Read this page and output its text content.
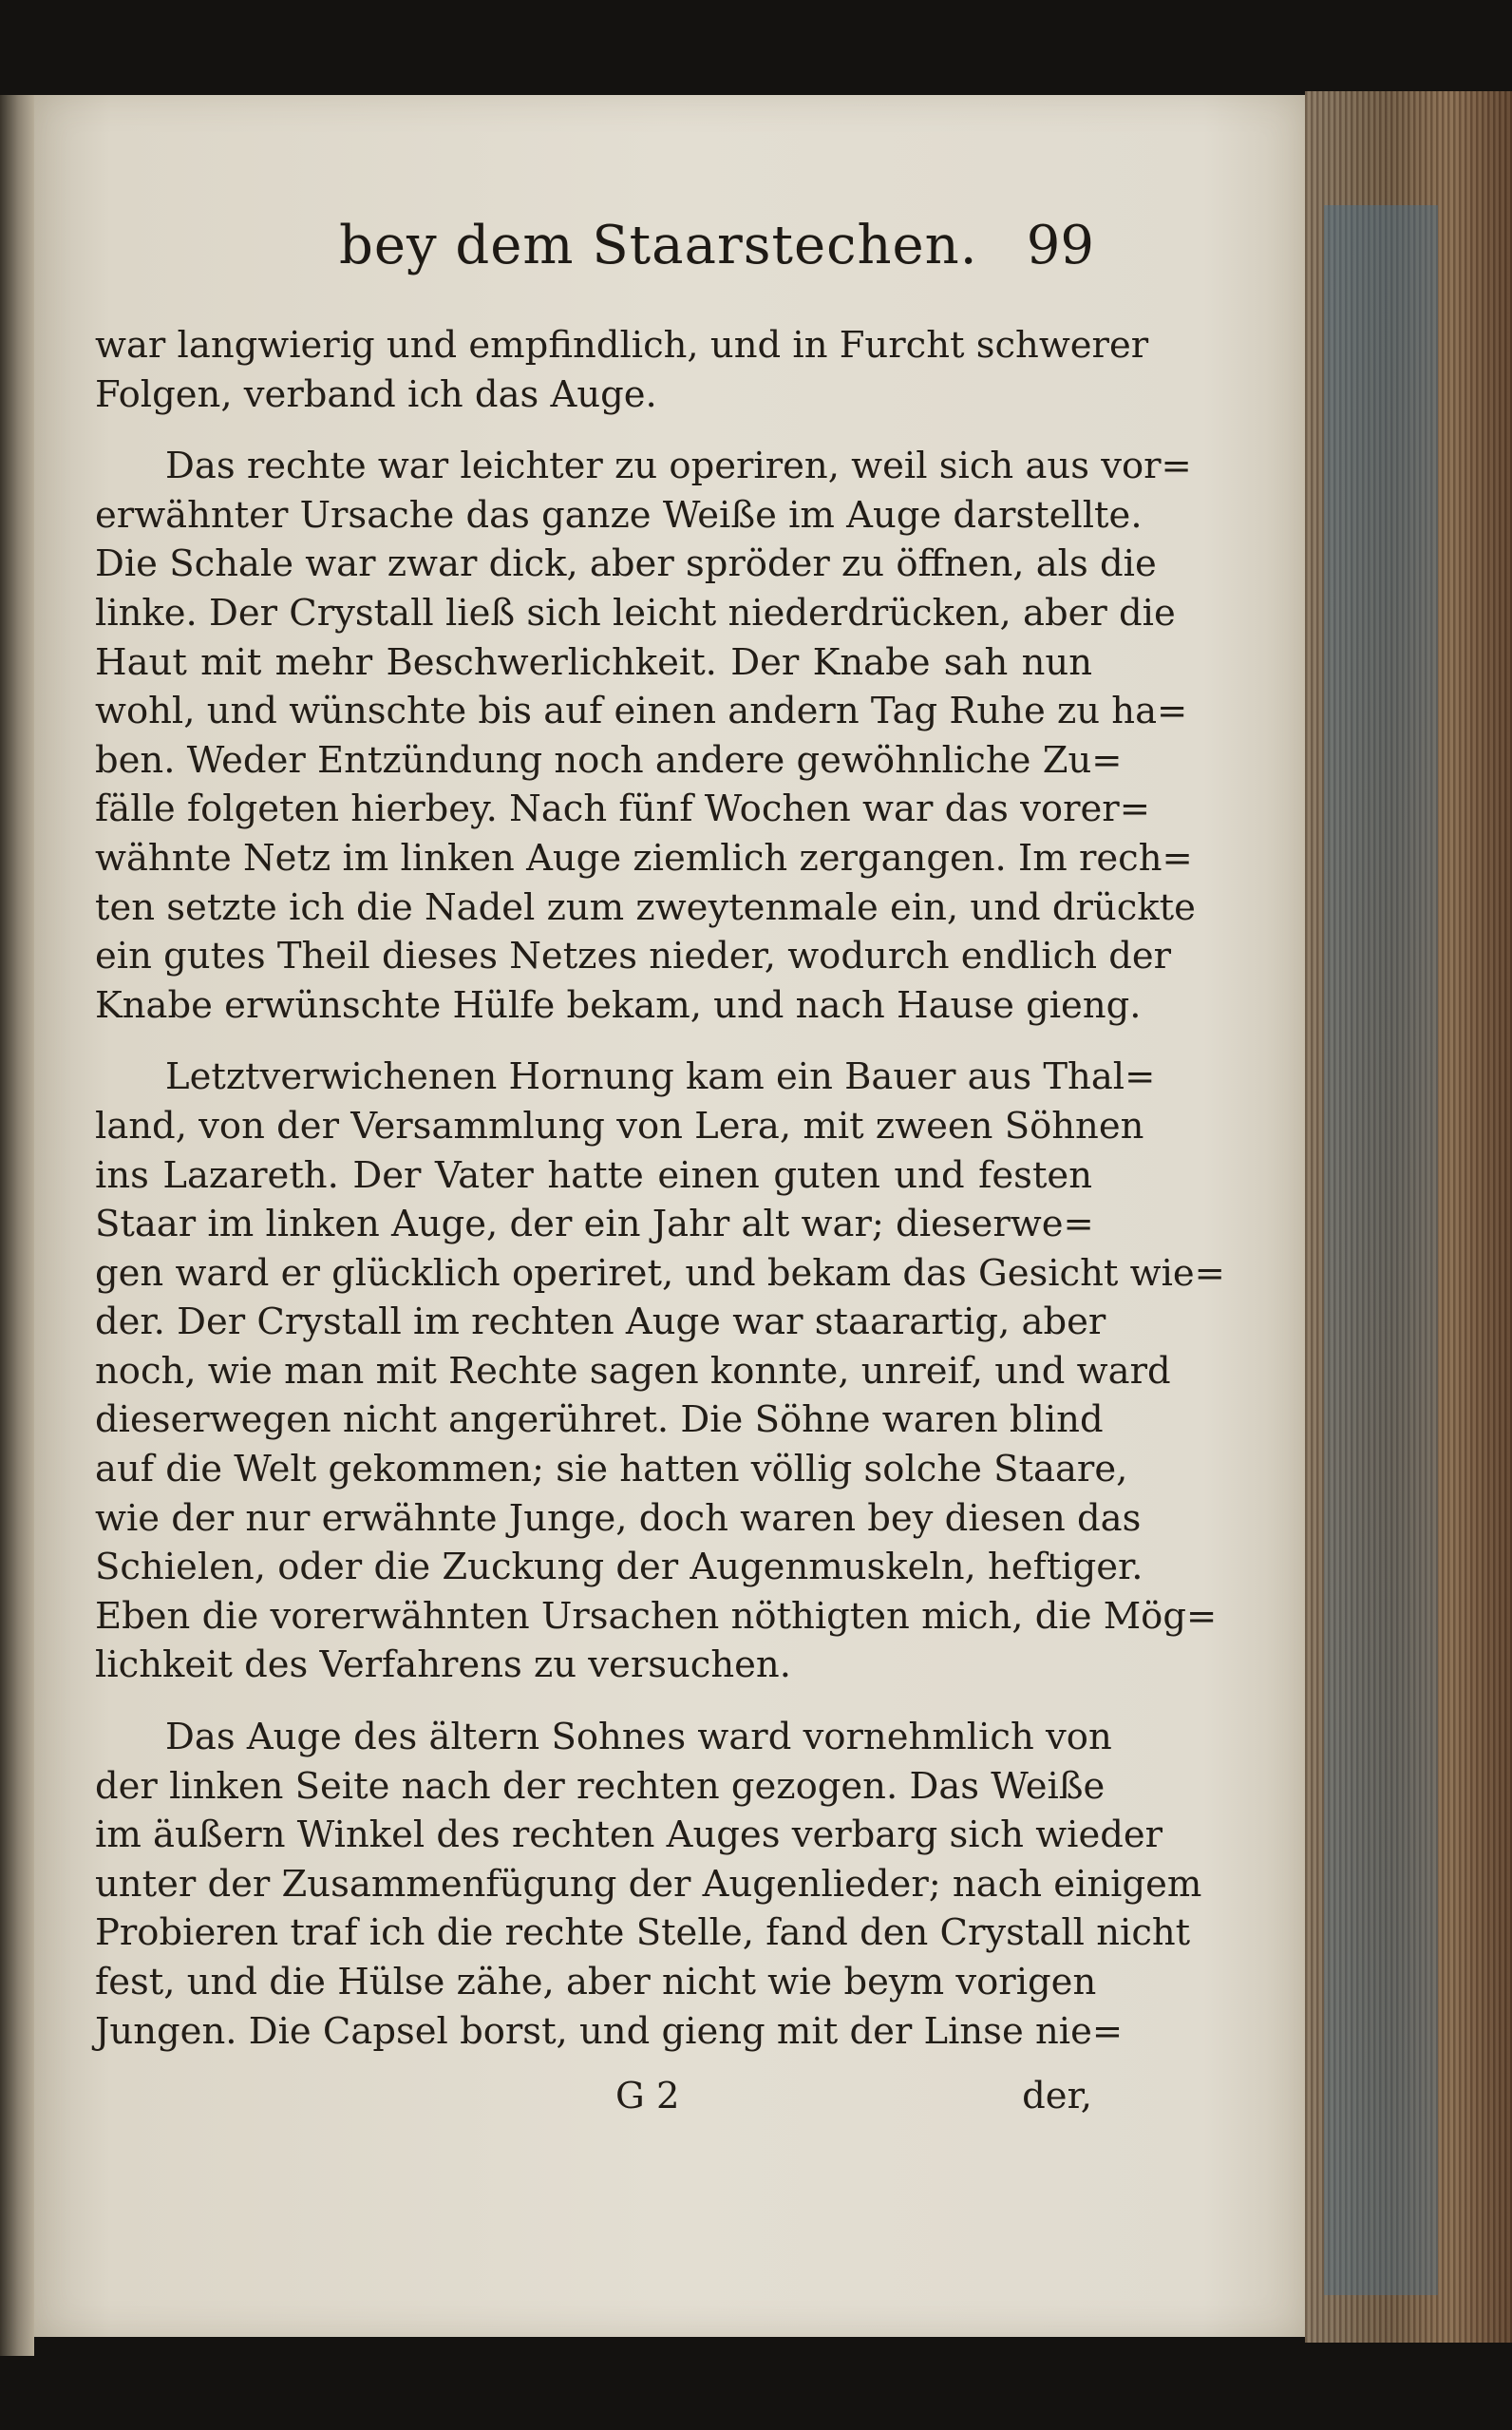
bey dem Staarstechen. 99
war langwierig und empfindlich, und in Furcht schwerer
Folgen, verband ich das Auge.
Das rechte war leichter zu operiren, weil sich aus vor=
erwähnter Ursache das ganze Weiße im Auge darstellte.
Die Schale war zwar dick, aber spröder zu öffnen, als die
linke. Der Crystall ließ sich leicht niederdrücken, aber die
Haut mit mehr Beschwerlichkeit. Der Knabe sah nun
wohl, und wünschte bis auf einen andern Tag Ruhe zu ha=
ben. Weder Entzündung noch andere gewöhnliche Zu=
fälle folgeten hierbey. Nach fünf Wochen war das vorer=
wähnte Netz im linken Auge ziemlich zergangen. Im rech=
ten setzte ich die Nadel zum zweytenmale ein, und drückte
ein gutes Theil dieses Netzes nieder, wodurch endlich der
Knabe erwünschte Hülfe bekam, und nach Hause gieng.
Letztverwichenen Hornung kam ein Bauer aus Thal=
land, von der Versammlung von Lera, mit zween Söhnen
ins Lazareth. Der Vater hatte einen guten und festen
Staar im linken Auge, der ein Jahr alt war; dieserwe=
gen ward er glücklich operiret, und bekam das Gesicht wie=
der. Der Crystall im rechten Auge war staarartig, aber
noch, wie man mit Rechte sagen konnte, unreif, und ward
dieserwegen nicht angerühret. Die Söhne waren blind
auf die Welt gekommen; sie hatten völlig solche Staare,
wie der nur erwähnte Junge, doch waren bey diesen das
Schielen, oder die Zuckung der Augenmuskeln, heftiger.
Eben die vorerwähnten Ursachen nöthigten mich, die Mög=
lichkeit des Verfahrens zu versuchen.
Das Auge des ältern Sohnes ward vornehmlich von
der linken Seite nach der rechten gezogen. Das Weiße
im äußern Winkel des rechten Auges verbarg sich wieder
unter der Zusammenfügung der Augenlieder; nach einigem
Probieren traf ich die rechte Stelle, fand den Crystall nicht
fest, und die Hülse zähe, aber nicht wie beym vorigen
Jungen. Die Capsel borst, und gieng mit der Linse nie=
G 2	der,
